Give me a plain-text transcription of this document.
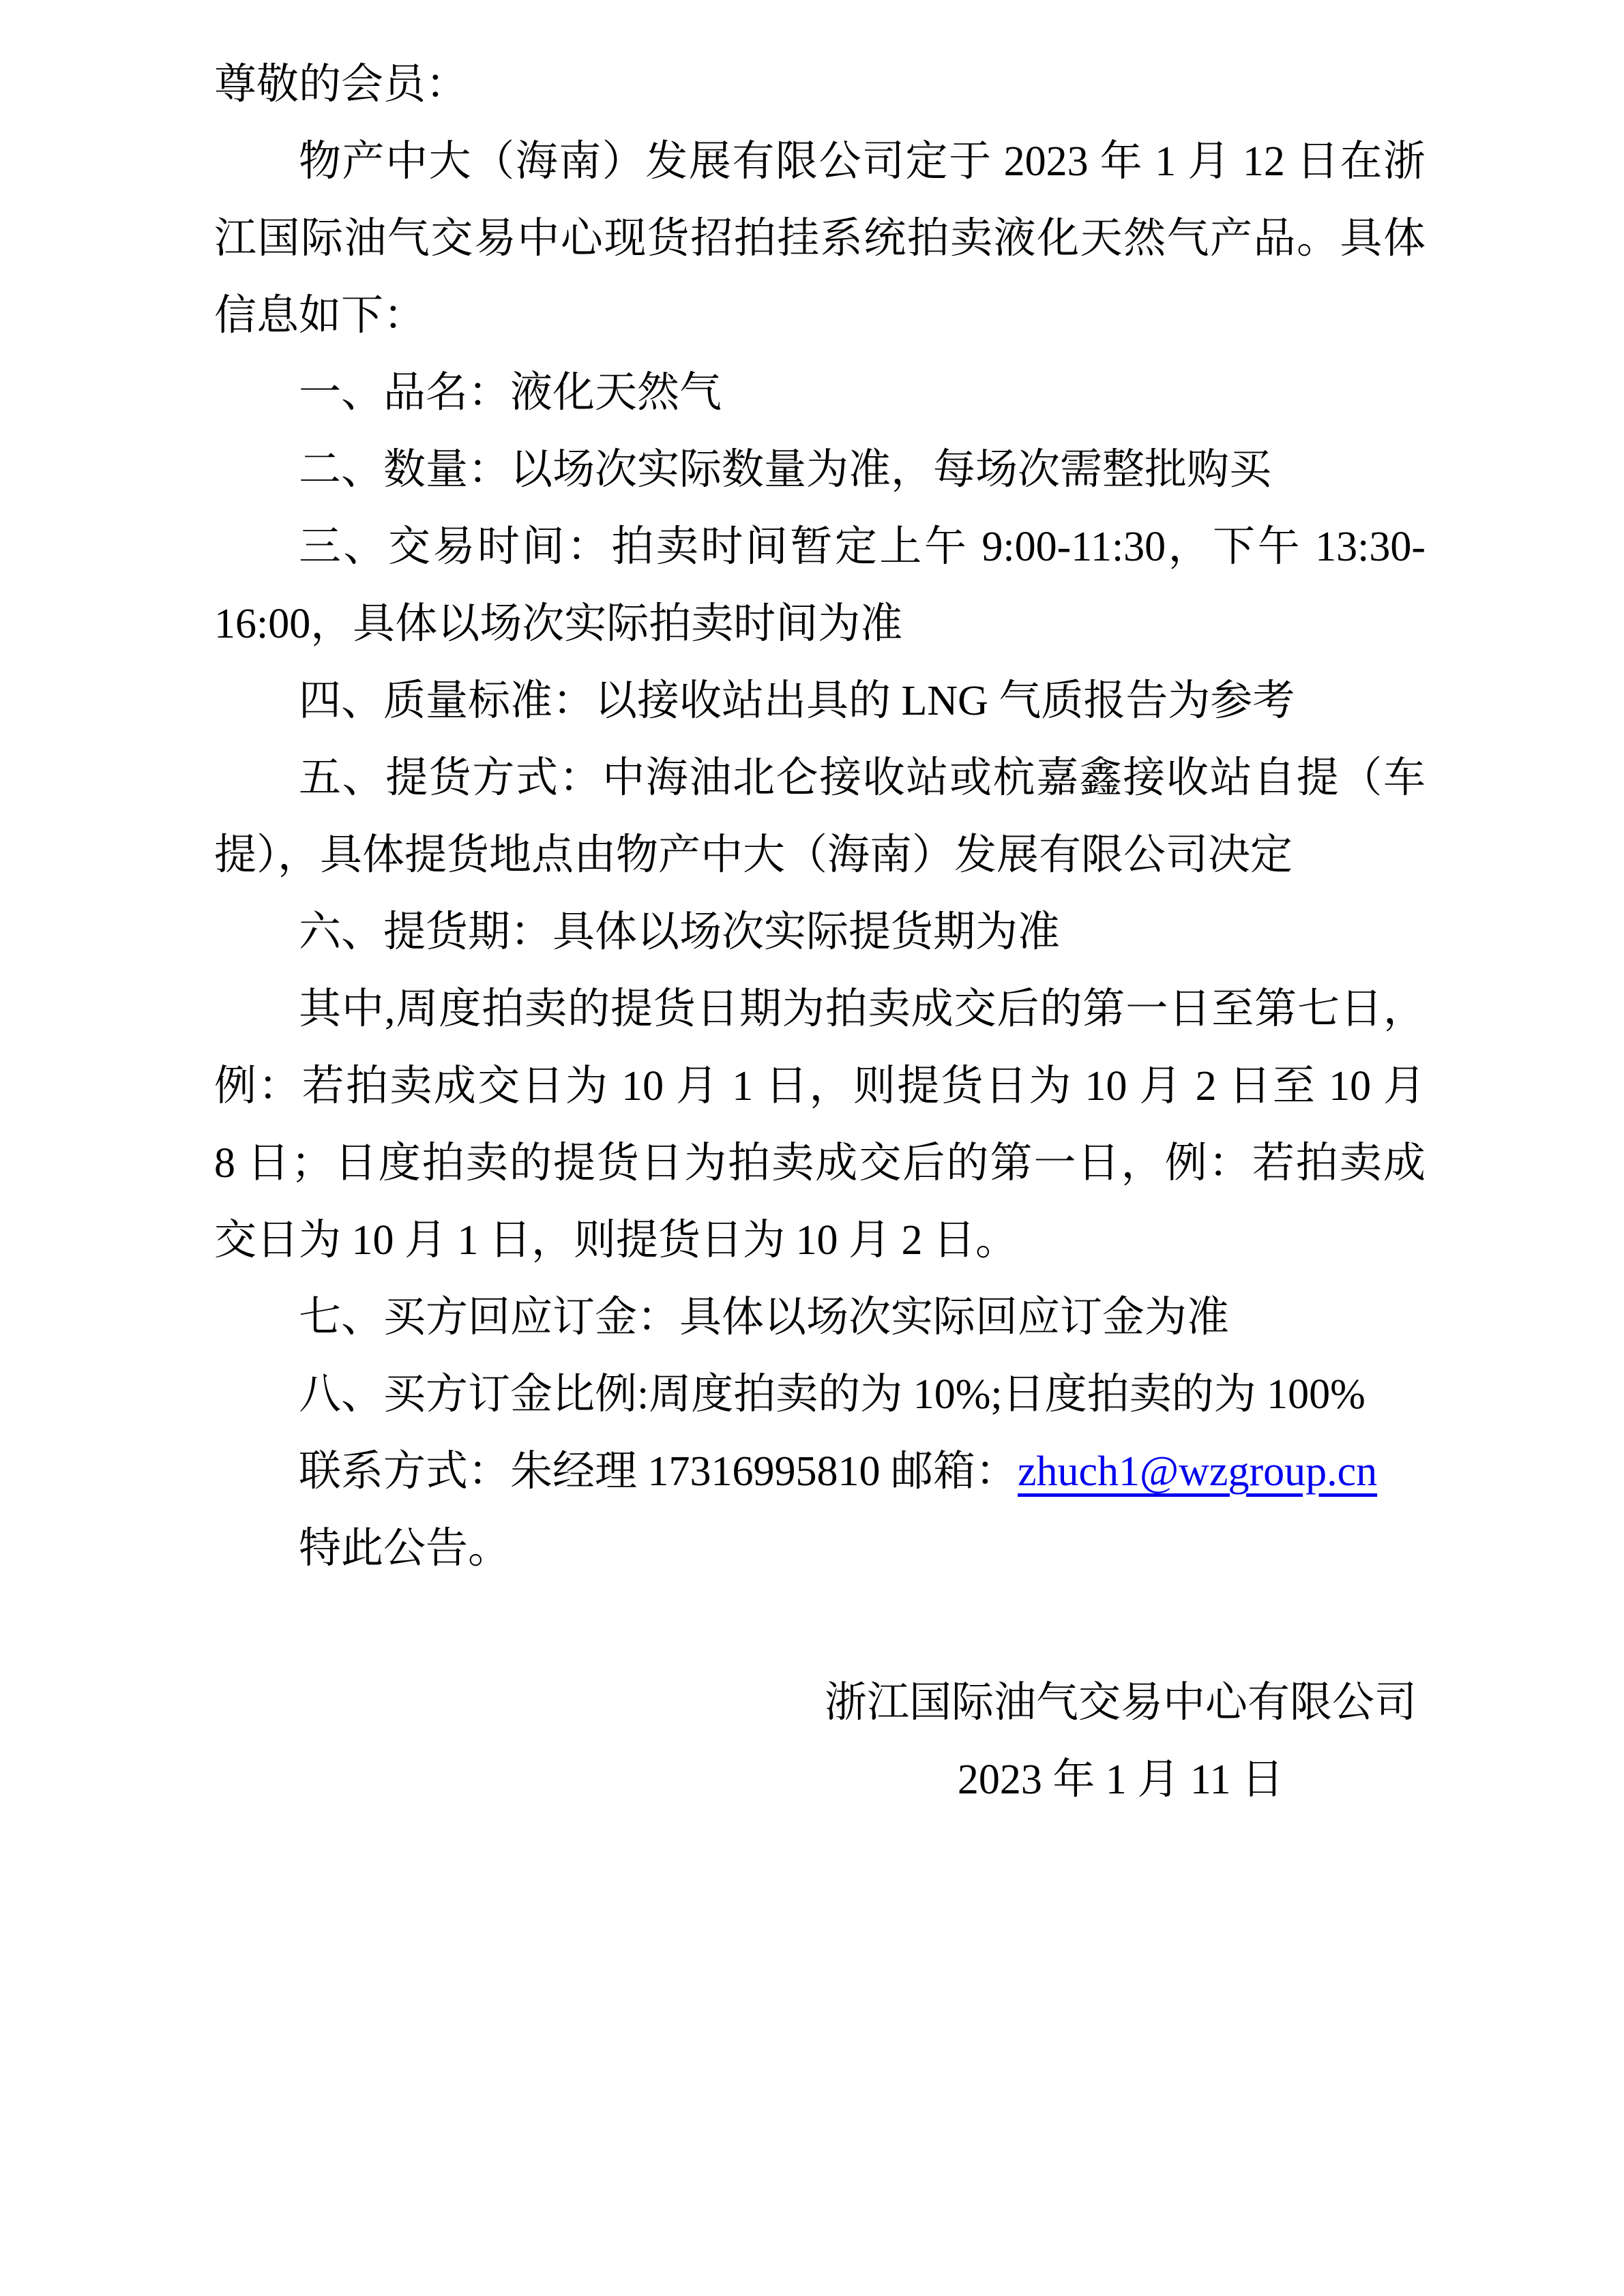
尊敬的会员：
物产中大（海南）发展有限公司定于 2023 年 1 月 12 日在浙
江国际油气交易中心现货招拍挂系统拍卖液化天然气产品。具体
信息如下：
一、品名：液化天然气
二、数量：以场次实际数量为准，每场次需整批购买
三、交易时间：拍卖时间暂定上午 9:00-11:30，下午 13:30-
16:00，具体以场次实际拍卖时间为准
四、质量标准：以接收站出具的 LNG 气质报告为参考
五、提货方式：中海油北仑接收站或杭嘉鑫接收站自提（车
提），具体提货地点由物产中大（海南）发展有限公司决定
六、提货期：具体以场次实际提货期为准
其中,周度拍卖的提货日期为拍卖成交后的第一日至第七日，
例：若拍卖成交日为 10 月 1 日，则提货日为 10 月 2 日至 10 月
8 日；日度拍卖的提货日为拍卖成交后的第一日，例：若拍卖成
交日为 10 月 1 日，则提货日为 10 月 2 日。
七、买方回应订金：具体以场次实际回应订金为准
八、买方订金比例:周度拍卖的为 10%;日度拍卖的为 100%
联系方式：朱经理 17316995810 邮箱：zhuch1@wzgroup.cn
特此公告。
浙江国际油气交易中心有限公司
2023 年 1 月 11 日
